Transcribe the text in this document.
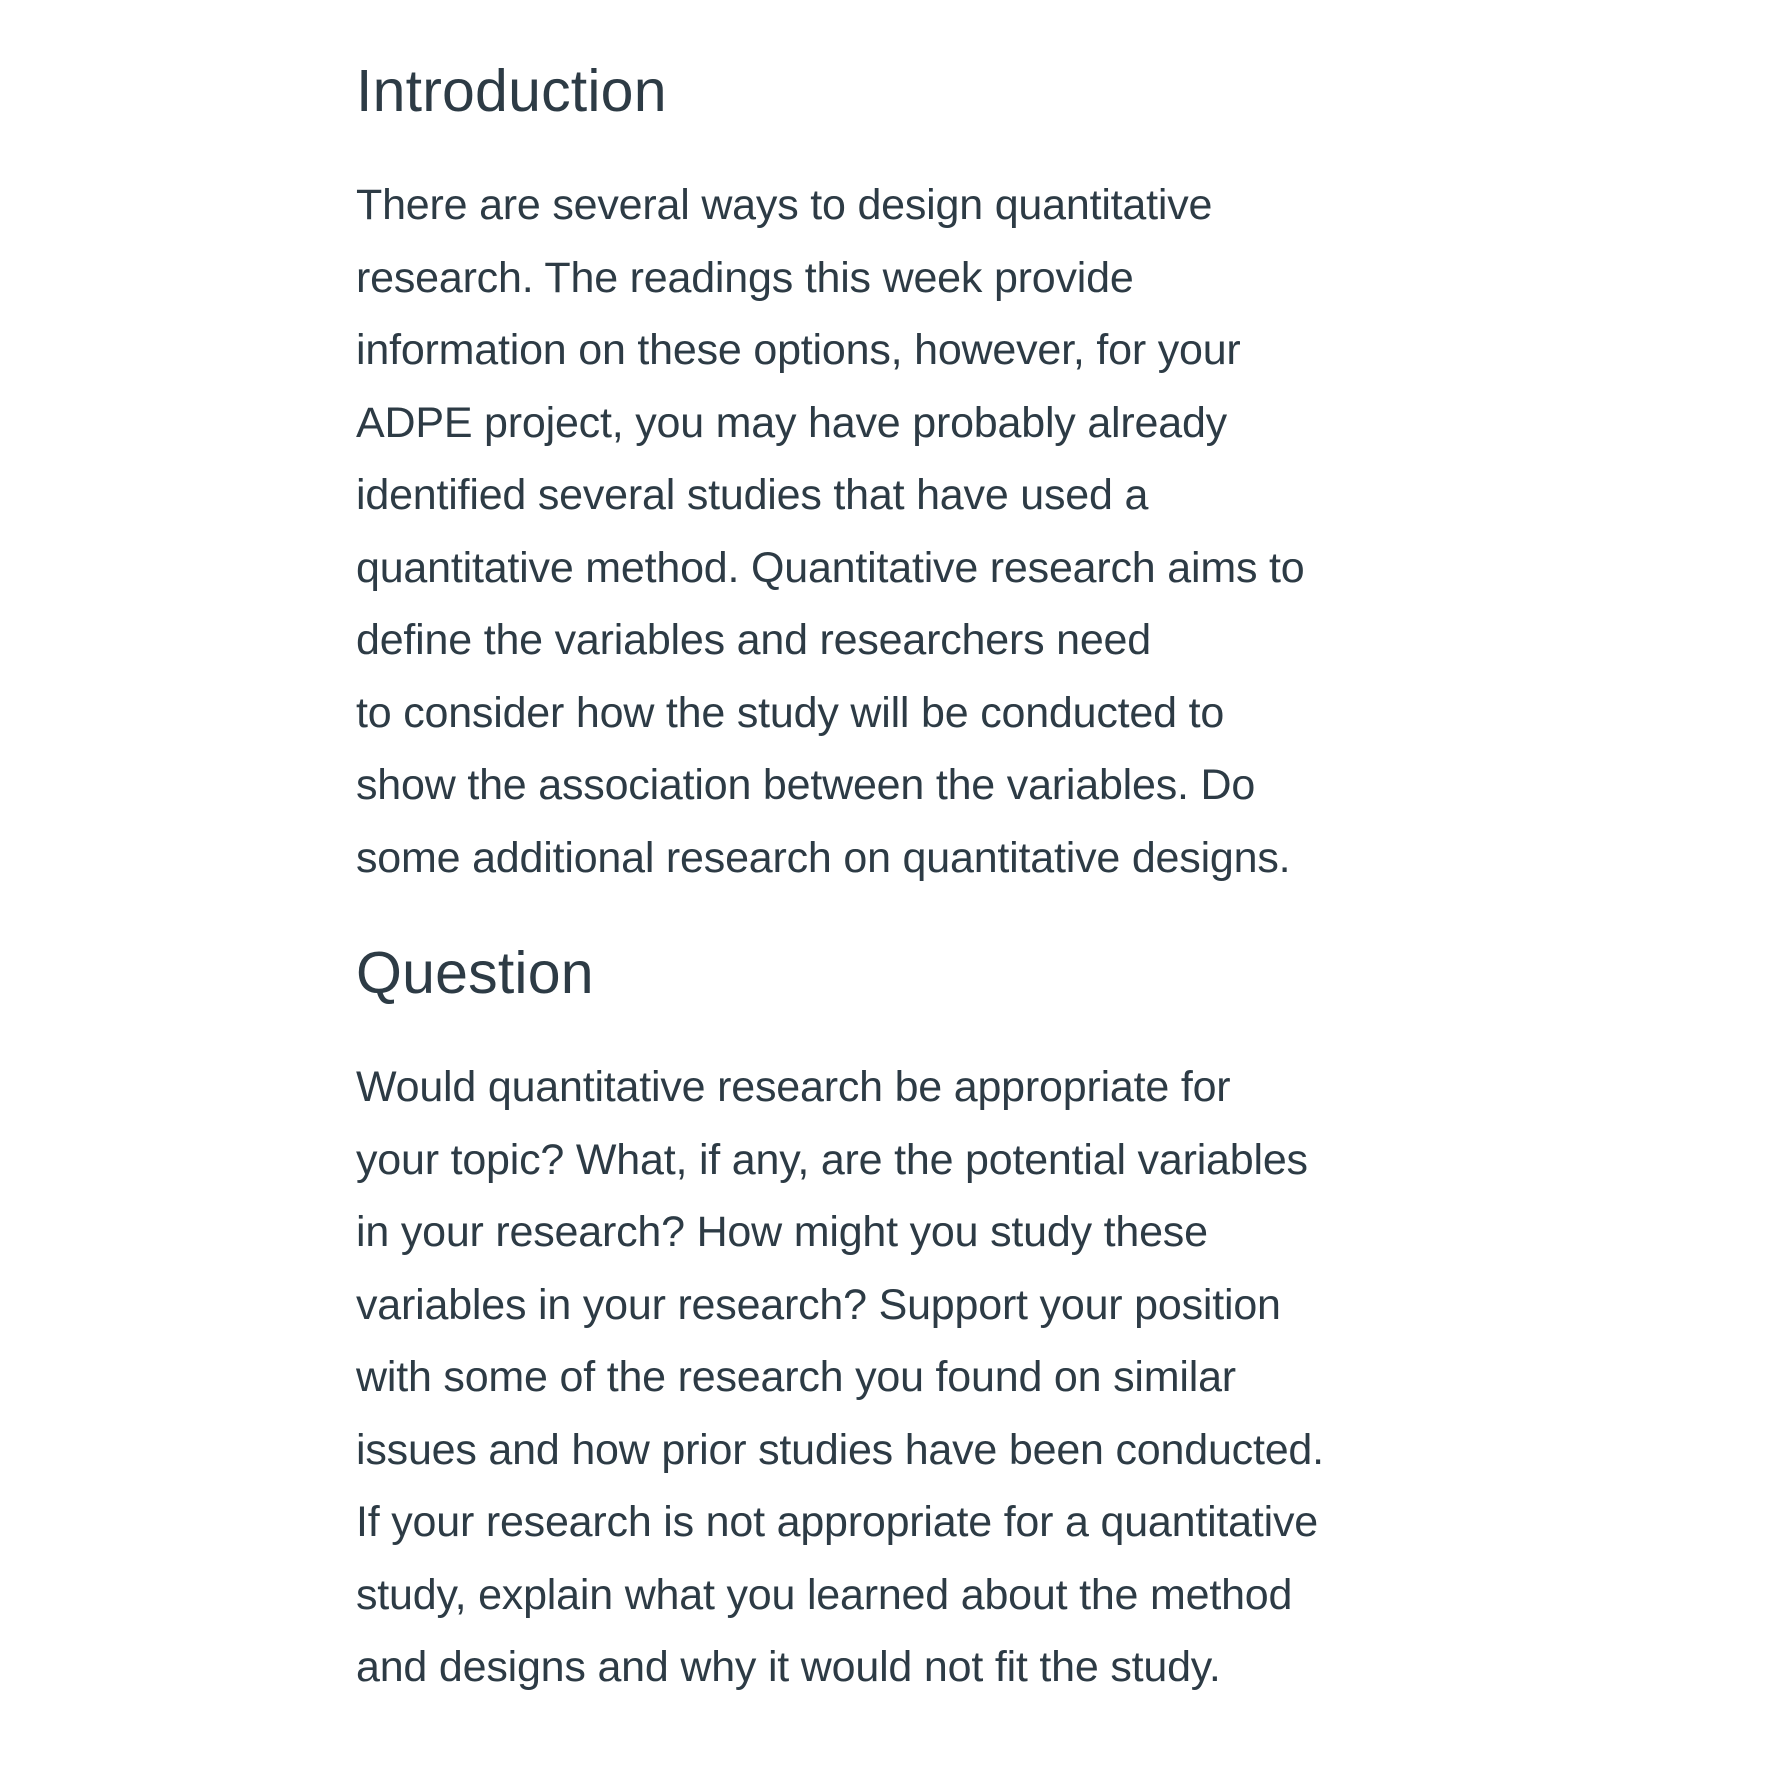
Introduction

There are several ways to design quantitative
research. The readings this week provide
information on these options, however, for your
ADPE project, you may have probably already
identified several studies that have used a
quantitative method. Quantitative research aims to
define the variables and researchers need
to consider how the study will be conducted to
show the association between the variables. Do
some additional research on quantitative designs.

Question

Would quantitative research be appropriate for
your topic? What, if any, are the potential variables
in your research? How might you study these
variables in your research? Support your position
with some of the research you found on similar
issues and how prior studies have been conducted.
If your research is not appropriate for a quantitative
study, explain what you learned about the method
and designs and why it would not fit the study.
